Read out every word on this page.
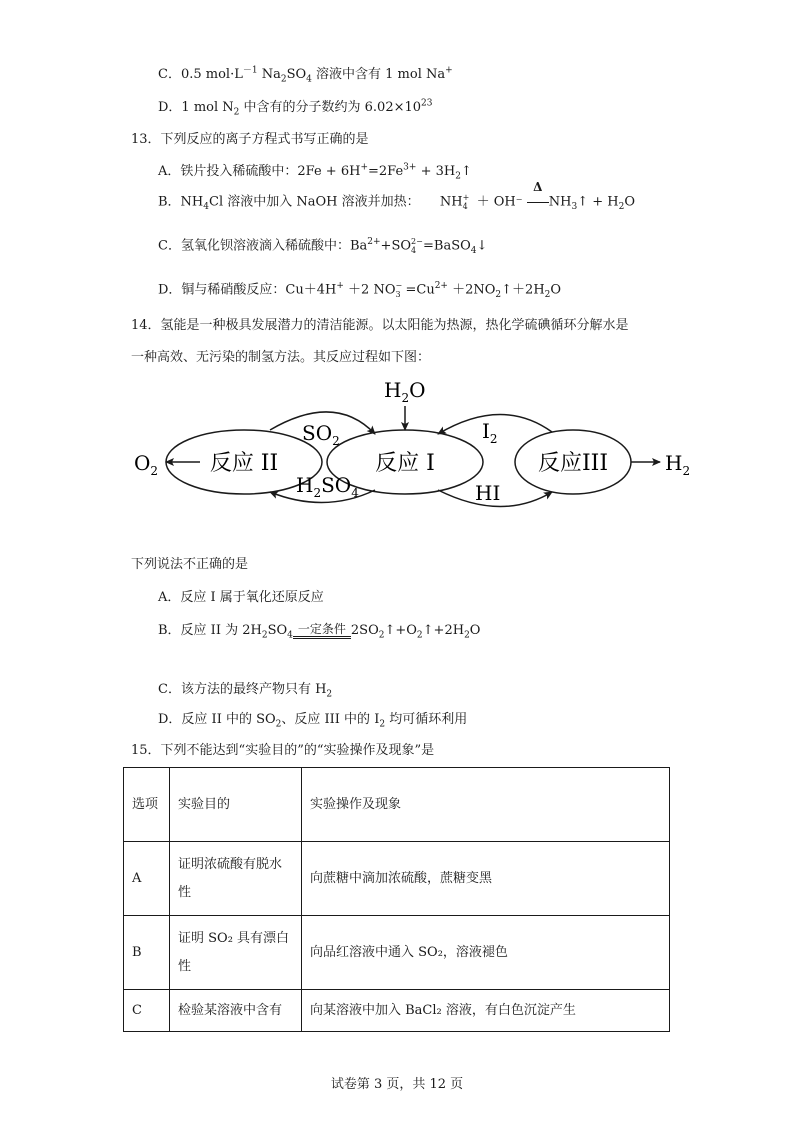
C．0.5 $mol\cdot L^{-1}$ $Na_2SO_4$ 溶液中含有 1 mol Na+
D．1 mol $N_2$ 中含有的分子数约为 $6.02\times 10^{23}$
13．下列反应的离子方程式书写正确的是
A．铁片投入稀硫酸中：$2Fe + 6H^+=2Fe^{3+}$ + $3H_2↑$
B．$NH_4Cl$ 溶液中加入 NaOH 溶液并加热： NH +
4 ＋ OH⁻
Δ
$NH_3↑ + H_2O$
C．氢氧化钡溶液滴入稀硫酸中：$Ba^{2+}+SO$ 2−
4 =BaSO$_4$↓
D．铜与稀硝酸反应：Cu＋4H+ ＋2 NO −
$3 =Cu^{2+}$ $+2NO_2↑+2H_2O$
14．氢能是一种极具发展潜力的清洁能源。以太阳能为热源，热化学硫碘循环分解水是
一种高效、无污染的制氢方法。其反应过程如下图：
反应 II	反应 I	反应III
$H_2O$
$SO_2$	$I_2$
$H_2SO_4$	HI
$O_2$	$H_2$
下列说法不正确的是
A．反应 I 属于氧化还原反应
B．反应 II 为 $2H_2SO_4$ 一定条件 $2SO_2↑+O_2↑+2H_2O$
C．该方法的最终产物只有 $H_2$
D．反应 II 中的 $SO_2$、反应 III 中的 $I_2$ 均可循环利用
15．下列不能达到“实验目的”的“实验操作及现象”是
选项	实验目的	实验操作及现象
A	证明浓硫酸有脱水性	向蔗糖中滴加浓硫酸，蔗糖变黑
B	证明 SO₂ 具有漂白性	向品红溶液中通入 SO₂，溶液褪色
C	检验某溶液中含有	向某溶液中加入 BaCl₂ 溶液，有白色沉淀产生
试卷第 3 页，共 12 页
